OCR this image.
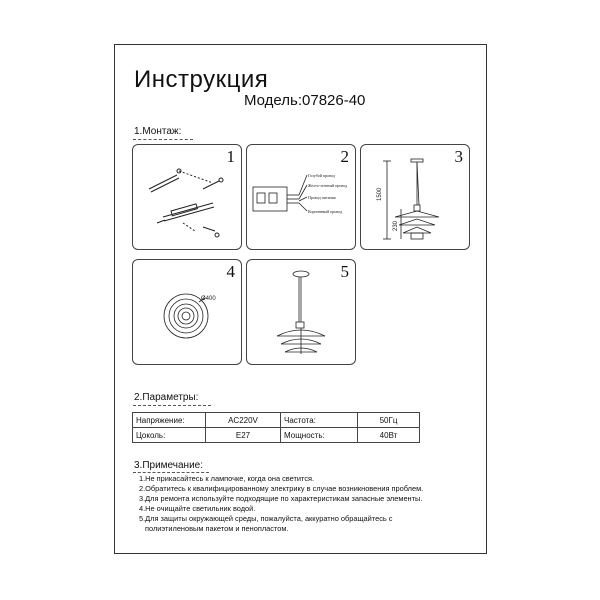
Инструкция
Модель:07826-40
1.Монтаж:
1	2
Голубой провод
Желто-зеленый провод
Провод питания
Коричневый провод
3
1500
230
4
Ø400
5
2.Параметры:
Напряжение:	AC220V	Частота:	50Гц
Цоколь:	E27	Мощность:	40Вт
3.Примечание:
1.Не прикасайтесь к лампочке, когда она светится.
2.Обратитесь к квалифицированному электрику в случае возникновения проблем.
3.Для ремонта используйте подходящие по характеристикам запасные элементы.
4.Не очищайте светильник водой.
5.Для защиты окружающей среды, пожалуйста, аккуратно обращайтесь с
полиэтиленовым пакетом и пенопластом.
